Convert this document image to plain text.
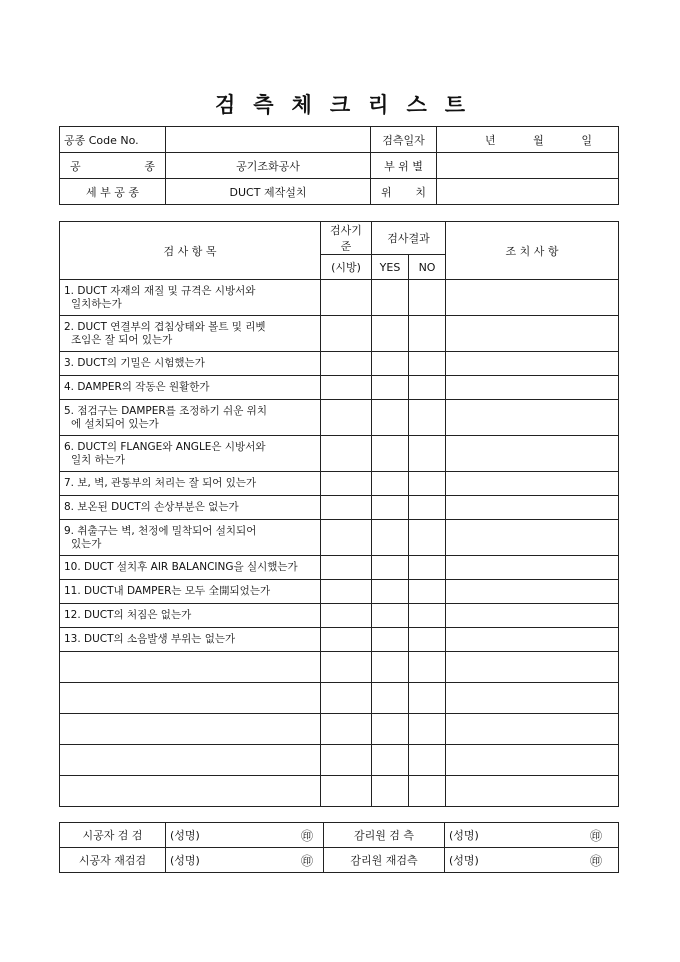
검 측 체 크 리 스 트
공종 Code No.		검측일자	년 월 일

공 종	공기조화공사	부 위 별	
세 부 공 종	DUCT 제작설치	위 치	
검 사 항 목	검사기준	검사결과		조 치 사 항
	(시방)	YES	NO	

1. DUCT 자재의 재질 및 규격은 시방서와
일치하는가				

2. DUCT 연결부의 겹침상태와 볼트 및 리벳
조임은 잘 되어 있는가				

3. DUCT의 기밀은 시험했는가				

4. DAMPER의 작동은 원활한가				

5. 점검구는 DAMPER를 조정하기 쉬운 위치
에 설치되어 있는가				

6. DUCT의 FLANGE와 ANGLE은 시방서와
일치 하는가				

7. 보, 벽, 관통부의 처리는 잘 되어 있는가				

8. 보온된 DUCT의 손상부분은 없는가				

9. 취출구는 벽, 천정에 밀착되어 설치되어
있는가				

10. DUCT 설치후 AIR BALANCING을 실시했는가				

11. DUCT내 DAMPER는 모두 全開되었는가				

12. DUCT의 처짐은 없는가				

13. DUCT의 소음발생 부위는 없는가				

시공자 검 검	(성명) ㊞	감리원 검 측	(성명) ㊞

시공자 재검검	(성명) ㊞	감리원 재검측	(성명) ㊞
